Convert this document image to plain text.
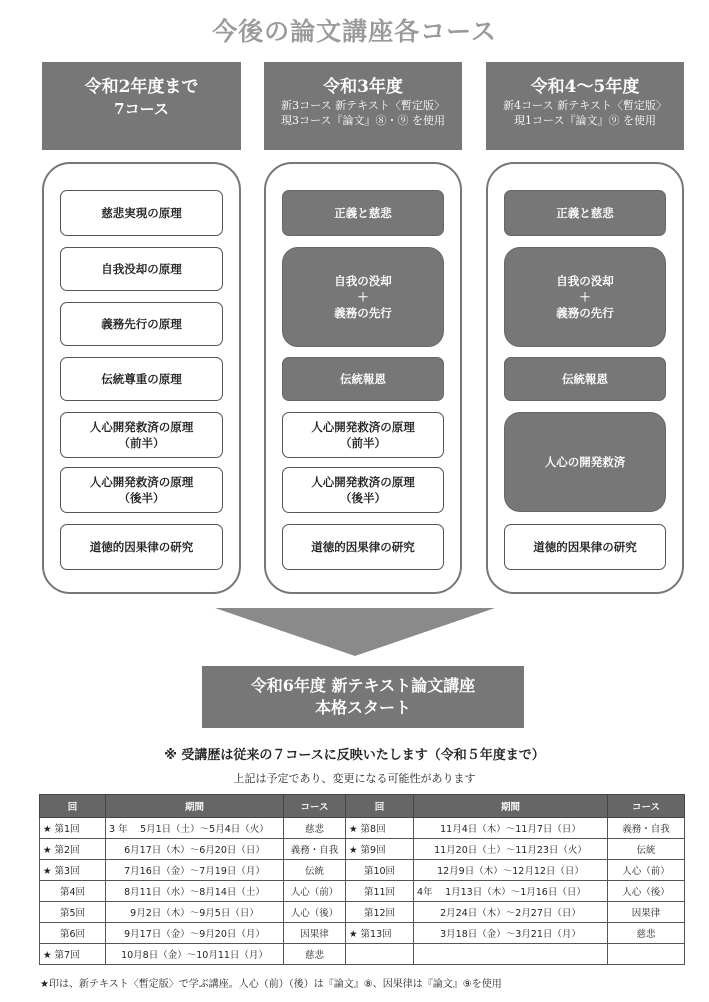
今後の論文講座各コース
令和2年度まで
7コース
令和3年度
新3コース 新テキスト〈暫定版〉
現3コース『論文』⑧・⑨ を使用
令和4～5年度
新4コース 新テキスト〈暫定版〉
現1コース『論文』⑨ を使用
慈悲実現の原理
自我没却の原理
義務先行の原理
伝統尊重の原理
人心開発救済の原理
（前半）
人心開発救済の原理
（後半）
道徳的因果律の研究
正義と慈悲
自我の没却
＋
義務の先行
伝統報恩
人心開発救済の原理
（前半）
人心開発救済の原理
（後半）
道徳的因果律の研究
正義と慈悲
自我の没却
＋
義務の先行
伝統報恩
人心の開発救済
道徳的因果律の研究
令和6年度 新テキスト論文講座
本格スタート
※ 受講歴は従来の７コースに反映いたします（令和５年度まで）
上記は予定であり、変更になる可能性があります
回	期間	コース	回	期間	コース
★ 第1回	3 年　 5月1日（土）～5月4日（火）	慈悲	★ 第8回	11月4日（木）～11月7日（日）	義務・自我
★ 第2回	6月17日（木）～6月20日（日）	義務・自我	★ 第9回	11月20日（土）～11月23日（火）	伝統
★ 第3回	7月16日（金）～7月19日（月）	伝統	第10回	12月9日（木）～12月12日（日）	人心（前）
第4回	8月11日（水）～8月14日（土）	人心（前）	第11回	4年　 1月13日（木）～1月16日（日）	人心（後）
第5回	9月2日（木）～9月5日（日）	人心（後）	第12回	2月24日（木）～2月27日（日）	因果律
第6回	9月17日（金）～9月20日（月）	因果律	★ 第13回	3月18日（金）～3月21日（月）	慈悲
★ 第7回	10月8日（金）～10月11日（月）	慈悲			
★印は、新テキスト〈暫定版〉で学ぶ講座。人心（前）（後）は『論文』⑧、因果律は『論文』⑨を使用
